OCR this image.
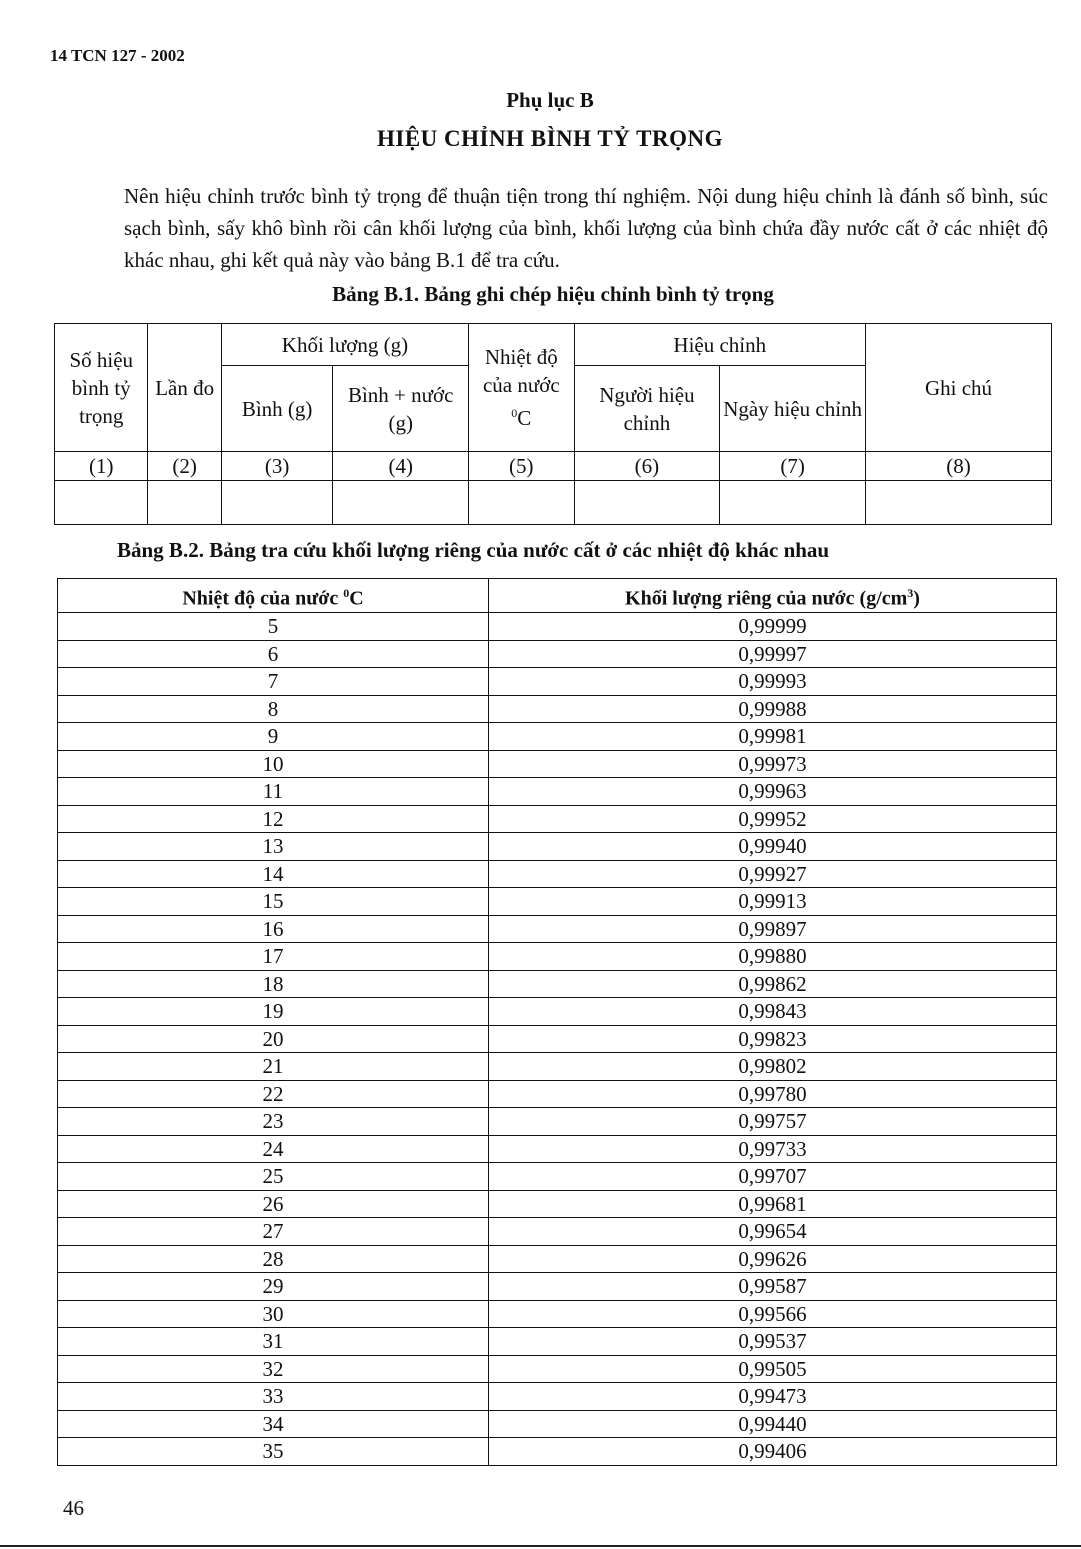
14 TCN 127 - 2002
Phụ lục B
HIỆU CHỈNH BÌNH TỶ TRỌNG
Nên hiệu chỉnh trước bình tỷ trọng để thuận tiện trong thí nghiệm. Nội dung hiệu chỉnh là đánh số bình, súc sạch bình, sấy khô bình rồi cân khối lượng của bình, khối lượng của bình chứa đầy nước cất ở các nhiệt độ khác nhau, ghi kết quả này vào bảng B.1 để tra cứu.
Bảng B.1. Bảng ghi chép hiệu chỉnh bình tỷ trọng
Số hiệu bình tỷ trọng	Lần đo	Khối lượng (g)		Nhiệt độ của nước $^0$C	Hiệu chỉnh		Ghi chú
		Bình (g)	Bình + nước (g)		Người hiệu chỉnh	Ngày hiệu chỉnh	
(1)	(2)	(3)	(4)	(5)	(6)	(7)	(8)

Bảng B.2. Bảng tra cứu khối lượng riêng của nước cất ở các nhiệt độ khác nhau
Nhiệt độ của nước $^0$C	Khối lượng riêng của nước $(g/cm^3)$
5	0,99999
6	0,99997
7	0,99993
8	0,99988
9	0,99981
10	0,99973
11	0,99963
12	0,99952
13	0,99940
14	0,99927
15	0,99913
16	0,99897
17	0,99880
18	0,99862
19	0,99843
20	0,99823
21	0,99802
22	0,99780
23	0,99757
24	0,99733
25	0,99707
26	0,99681
27	0,99654
28	0,99626
29	0,99587
30	0,99566
31	0,99537
32	0,99505
33	0,99473
34	0,99440
35	0,99406
46
